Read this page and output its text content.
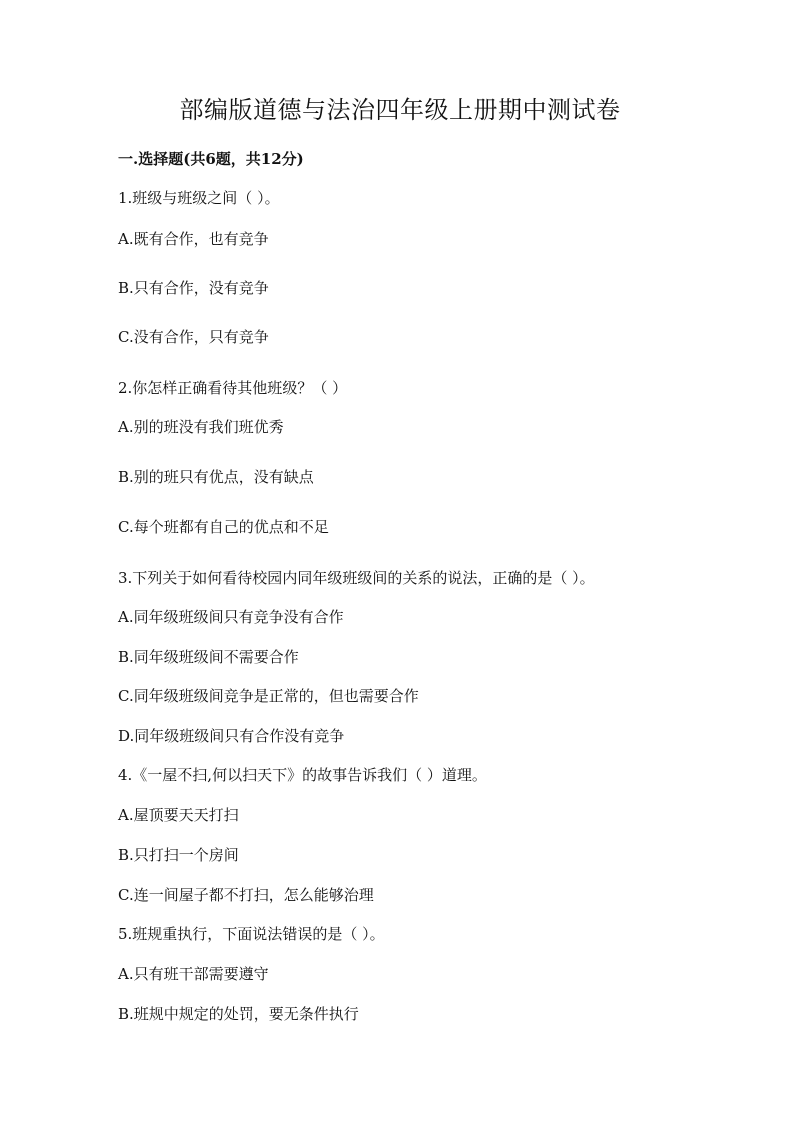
部编版道德与法治四年级上册期中测试卷
一.选择题(共6题，共12分)
1.班级与班级之间（ ）。
A.既有合作，也有竞争
B.只有合作，没有竞争
C.没有合作，只有竞争
2.你怎样正确看待其他班级？（ ）
A.别的班没有我们班优秀
B.别的班只有优点，没有缺点
C.每个班都有自己的优点和不足
3.下列关于如何看待校园内同年级班级间的关系的说法，正确的是（ ）。
A.同年级班级间只有竞争没有合作
B.同年级班级间不需要合作
C.同年级班级间竞争是正常的，但也需要合作
D.同年级班级间只有合作没有竞争
4.《一屋不扫,何以扫天下》的故事告诉我们（ ）道理。
A.屋顶要天天打扫
B.只打扫一个房间
C.连一间屋子都不打扫，怎么能够治理
5.班规重执行，下面说法错误的是（ ）。
A.只有班干部需要遵守
B.班规中规定的处罚，要无条件执行
